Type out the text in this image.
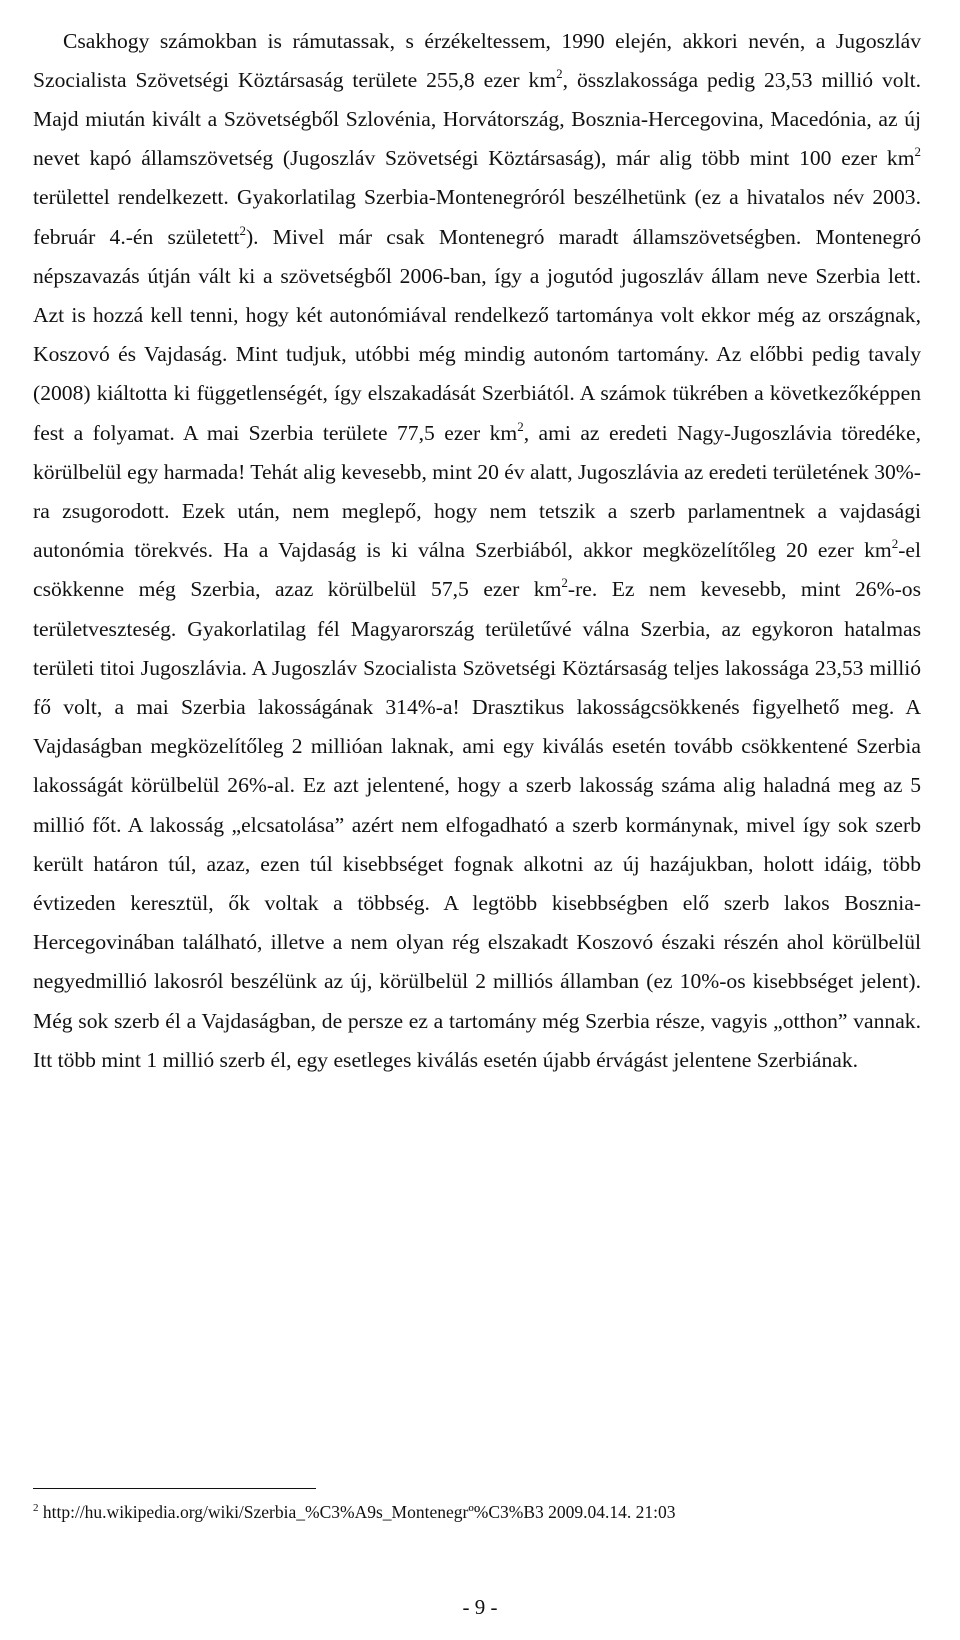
Csakhogy számokban is rámutassak, s érzékeltessem, 1990 elején, akkori nevén, a Jugoszláv Szocialista Szövetségi Köztársaság területe 255,8 ezer $km^2$, összlakossága pedig 23,53 millió volt. Majd miután kivált a Szövetségből Szlovénia, Horvátország, Bosznia-Hercegovina, Macedónia, az új nevet kapó államszövetség (Jugoszláv Szövetségi Köztársaság), már alig több mint 100 ezer $km^2$ területtel rendelkezett. Gyakorlatilag Szerbia-Montenegróról beszélhetünk (ez a hivatalos név 2003. február 4.-én született$^2$). Mivel már csak Montenegró maradt államszövetségben. Montenegró népszavazás útján vált ki a szövetségből 2006-ban, így a jogutód jugoszláv állam neve Szerbia lett. Azt is hozzá kell tenni, hogy két autonómiával rendelkező tartománya volt ekkor még az országnak, Koszovó és Vajdaság. Mint tudjuk, utóbbi még mindig autonóm tartomány. Az előbbi pedig tavaly (2008) kiáltotta ki függetlenségét, így elszakadását Szerbiától. A számok tükrében a következőképpen fest a folyamat. A mai Szerbia területe 77,5 ezer $km^2$, ami az eredeti Nagy-Jugoszlávia töredéke, körülbelül egy harmada! Tehát alig kevesebb, mint 20 év alatt, Jugoszlávia az eredeti területének 30%-ra zsugorodott. Ezek után, nem meglepő, hogy nem tetszik a szerb parlamentnek a vajdasági autonómia törekvés. Ha a Vajdaság is ki válna Szerbiából, akkor megközelítőleg 20 ezer $km^2-el$ csökkenne még Szerbia, azaz körülbelül 57,5 ezer $km^2-re$. Ez nem kevesebb, mint 26%-os területveszteség. Gyakorlatilag fél Magyarország területűvé válna Szerbia, az egykoron hatalmas területi titoi Jugoszlávia. A Jugoszláv Szocialista Szövetségi Köztársaság teljes lakossága 23,53 millió fő volt, a mai Szerbia lakosságának 314%-a! Drasztikus lakosságcsökkenés figyelhető meg. A Vajdaságban megközelítőleg 2 millióan laknak, ami egy kiválás esetén tovább csökkentené Szerbia lakosságát körülbelül 26%-al. Ez azt jelentené, hogy a szerb lakosság száma alig haladná meg az 5 millió főt. A lakosság „elcsatolása” azért nem elfogadható a szerb kormánynak, mivel így sok szerb került határon túl, azaz, ezen túl kisebbséget fognak alkotni az új hazájukban, holott idáig, több évtizeden keresztül, ők voltak a többség. A legtöbb kisebbségben elő szerb lakos Bosznia-Hercegovinában található, illetve a nem olyan rég elszakadt Koszovó északi részén ahol körülbelül negyedmillió lakosról beszélünk az új, körülbelül 2 milliós államban (ez 10%-os kisebbséget jelent). Még sok szerb él a Vajdaságban, de persze ez a tartomány még Szerbia része, vagyis „otthon” vannak. Itt több mint 1 millió szerb él, egy esetleges kiválás esetén újabb érvágást jelentene Szerbiának.

$^2$ http://hu.wikipedia.org/wiki/Szerbia_%C3%A9s_Montenegrº%C3%B3 2009.04.14. 21:03
- 9 -
